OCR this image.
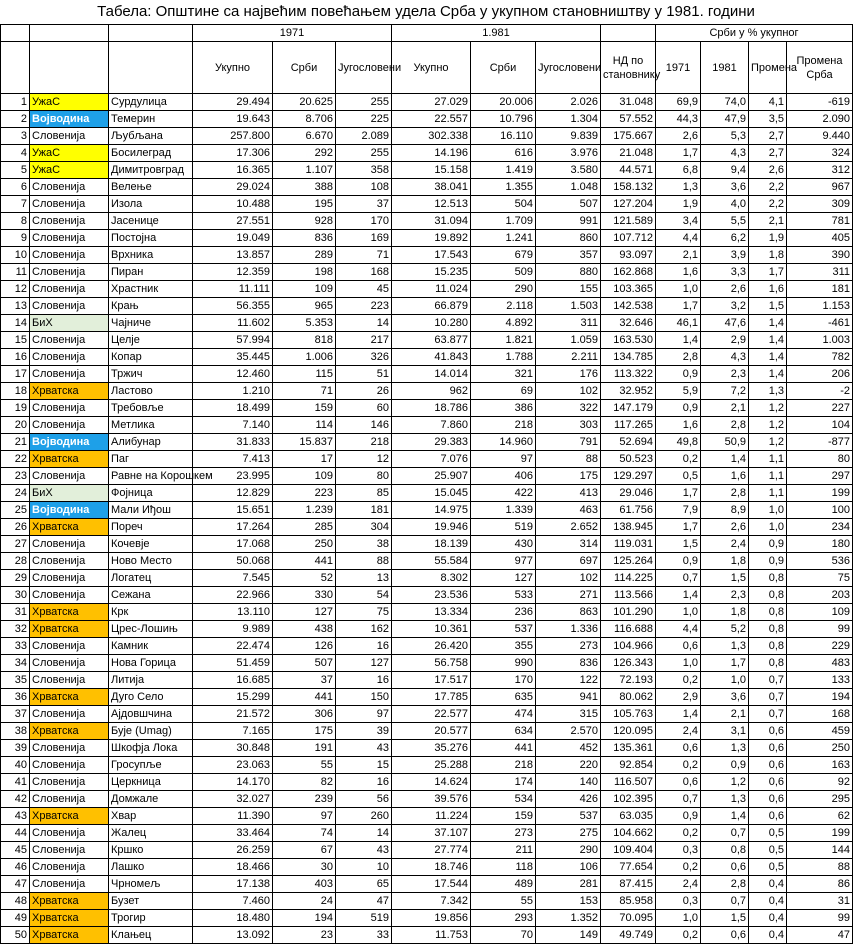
Табела: Општине са највећим повећањем удела Срба у укупном становништву у 1981. години
			1971			1.981				Срби у % укупног			
			Укупно	Срби	Југословени	Укупно	Срби	Југословени	НД по становнику	1971	1981	Промена	Промена Срба
1	УжаС	Сурдулица	29.494	20.625	255	27.029	20.006	2.026	31.048	69,9	74,0	4,1	-619
2	Војводина	Темерин	19.643	8.706	225	22.557	10.796	1.304	57.552	44,3	47,9	3,5	2.090
3	Словенија	Љубљана	257.800	6.670	2.089	302.338	16.110	9.839	175.667	2,6	5,3	2,7	9.440
4	УжаС	Босилеград	17.306	292	255	14.196	616	3.976	21.048	1,7	4,3	2,7	324
5	УжаС	Димитровград	16.365	1.107	358	15.158	1.419	3.580	44.571	6,8	9,4	2,6	312
6	Словенија	Велење	29.024	388	108	38.041	1.355	1.048	158.132	1,3	3,6	2,2	967
7	Словенија	Изола	10.488	195	37	12.513	504	507	127.204	1,9	4,0	2,2	309
8	Словенија	Јасенице	27.551	928	170	31.094	1.709	991	121.589	3,4	5,5	2,1	781
9	Словенија	Постојна	19.049	836	169	19.892	1.241	860	107.712	4,4	6,2	1,9	405
10	Словенија	Врхника	13.857	289	71	17.543	679	357	93.097	2,1	3,9	1,8	390
11	Словенија	Пиран	12.359	198	168	15.235	509	880	162.868	1,6	3,3	1,7	311
12	Словенија	Храстник	11.111	109	45	11.024	290	155	103.365	1,0	2,6	1,6	181
13	Словенија	Крањ	56.355	965	223	66.879	2.118	1.503	142.538	1,7	3,2	1,5	1.153
14	БиХ	Чајниче	11.602	5.353	14	10.280	4.892	311	32.646	46,1	47,6	1,4	-461
15	Словенија	Целје	57.994	818	217	63.877	1.821	1.059	163.530	1,4	2,9	1,4	1.003
16	Словенија	Копар	35.445	1.006	326	41.843	1.788	2.211	134.785	2,8	4,3	1,4	782
17	Словенија	Тржич	12.460	115	51	14.014	321	176	113.322	0,9	2,3	1,4	206
18	Хрватска	Ластово	1.210	71	26	962	69	102	32.952	5,9	7,2	1,3	-2
19	Словенија	Требовље	18.499	159	60	18.786	386	322	147.179	0,9	2,1	1,2	227
20	Словенија	Метлика	7.140	114	146	7.860	218	303	117.265	1,6	2,8	1,2	104
21	Војводина	Алибунар	31.833	15.837	218	29.383	14.960	791	52.694	49,8	50,9	1,2	-877
22	Хрватска	Паг	7.413	17	12	7.076	97	88	50.523	0,2	1,4	1,1	80
23	Словенија	Равне на Корошкем	23.995	109	80	25.907	406	175	129.297	0,5	1,6	1,1	297
24	БиХ	Фојница	12.829	223	85	15.045	422	413	29.046	1,7	2,8	1,1	199
25	Војводина	Мали Иђош	15.651	1.239	181	14.975	1.339	463	61.756	7,9	8,9	1,0	100
26	Хрватска	Пореч	17.264	285	304	19.946	519	2.652	138.945	1,7	2,6	1,0	234
27	Словенија	Кочевје	17.068	250	38	18.139	430	314	119.031	1,5	2,4	0,9	180
28	Словенија	Ново Место	50.068	441	88	55.584	977	697	125.264	0,9	1,8	0,9	536
29	Словенија	Логатец	7.545	52	13	8.302	127	102	114.225	0,7	1,5	0,8	75
30	Словенија	Сежана	22.966	330	54	23.536	533	271	113.566	1,4	2,3	0,8	203
31	Хрватска	Крк	13.110	127	75	13.334	236	863	101.290	1,0	1,8	0,8	109
32	Хрватска	Црес-Лошињ	9.989	438	162	10.361	537	1.336	116.688	4,4	5,2	0,8	99
33	Словенија	Камник	22.474	126	16	26.420	355	273	104.966	0,6	1,3	0,8	229
34	Словенија	Нова Горица	51.459	507	127	56.758	990	836	126.343	1,0	1,7	0,8	483
35	Словенија	Литија	16.685	37	16	17.517	170	122	72.193	0,2	1,0	0,7	133
36	Хрватска	Дуго Село	15.299	441	150	17.785	635	941	80.062	2,9	3,6	0,7	194
37	Словенија	Ајдовшчина	21.572	306	97	22.577	474	315	105.763	1,4	2,1	0,7	168
38	Хрватска	Бује (Umag)	7.165	175	39	20.577	634	2.570	120.095	2,4	3,1	0,6	459
39	Словенија	Шкофја Лока	30.848	191	43	35.276	441	452	135.361	0,6	1,3	0,6	250
40	Словенија	Гросупље	23.063	55	15	25.288	218	220	92.854	0,2	0,9	0,6	163
41	Словенија	Церкница	14.170	82	16	14.624	174	140	116.507	0,6	1,2	0,6	92
42	Словенија	Домжале	32.027	239	56	39.576	534	426	102.395	0,7	1,3	0,6	295
43	Хрватска	Хвар	11.390	97	260	11.224	159	537	63.035	0,9	1,4	0,6	62
44	Словенија	Жалец	33.464	74	14	37.107	273	275	104.662	0,2	0,7	0,5	199
45	Словенија	Кршко	26.259	67	43	27.774	211	290	109.404	0,3	0,8	0,5	144
46	Словенија	Лашко	18.466	30	10	18.746	118	106	77.654	0,2	0,6	0,5	88
47	Словенија	Чрномељ	17.138	403	65	17.544	489	281	87.415	2,4	2,8	0,4	86
48	Хрватска	Бузет	7.460	24	47	7.342	55	153	85.958	0,3	0,7	0,4	31
49	Хрватска	Трогир	18.480	194	519	19.856	293	1.352	70.095	1,0	1,5	0,4	99
50	Хрватска	Клањец	13.092	23	33	11.753	70	149	49.749	0,2	0,6	0,4	47
